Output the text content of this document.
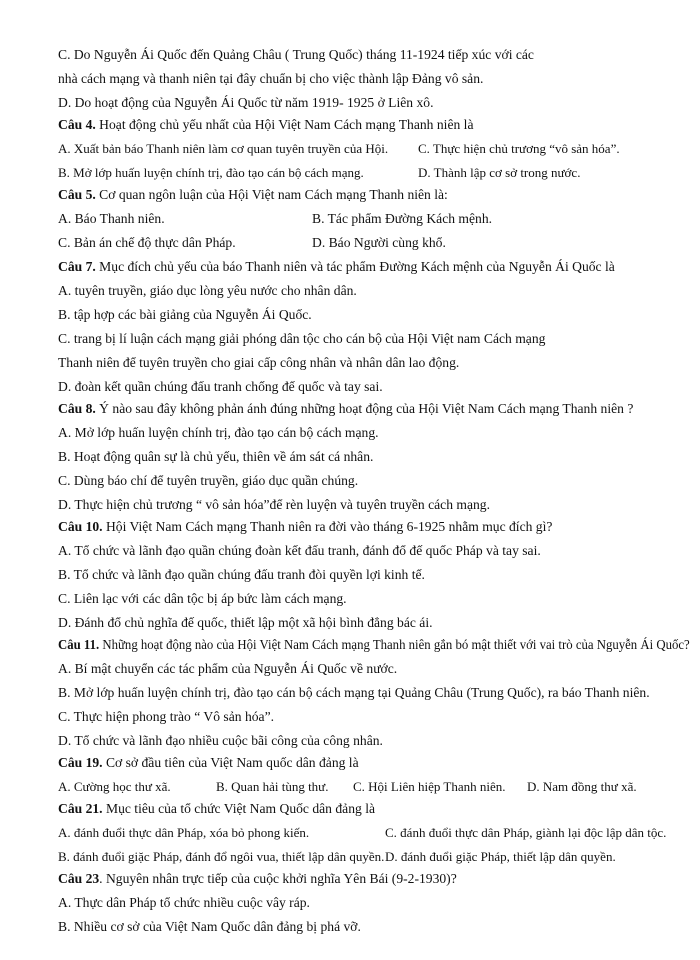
C. Do Nguyễn Ái Quốc đến Quảng Châu ( Trung Quốc) tháng 11-1924 tiếp xúc với các
nhà cách mạng và thanh niên tại đây chuẩn bị cho việc thành lập Đảng vô sản.
D. Do hoạt động của Nguyễn Ái Quốc từ năm 1919- 1925 ở Liên xô.
Câu 4. Hoạt động chủ yếu nhất của Hội Việt Nam Cách mạng Thanh niên là
A. Xuất bản báo Thanh niên làm cơ quan tuyên truyền của Hội. C. Thực hiện chủ trương “vô sản hóa”.
B. Mở lớp huấn luyện chính trị, đào tạo cán bộ cách mạng.	D. Thành lập cơ sở trong nước.
Câu 5. Cơ quan ngôn luận của Hội Việt nam Cách mạng Thanh niên là:
A. Báo Thanh niên.	B. Tác phẩm Đường Kách mệnh.
C. Bản án chế độ thực dân Pháp.	D. Báo Người cùng khổ.
Câu 7. Mục đích chủ yếu của báo Thanh niên và tác phẩm Đường Kách mệnh của Nguyễn Ái Quốc là
A. tuyên truyền, giáo dục lòng yêu nước cho nhân dân.
B. tập hợp các bài giảng của Nguyễn Ái Quốc.
C. trang bị lí luận cách mạng giải phóng dân tộc cho cán bộ của Hội Việt nam Cách mạng
Thanh niên để tuyên truyền cho giai cấp công nhân và nhân dân lao động.
D. đoàn kết quần chúng đấu tranh chống đế quốc và tay sai.
Câu 8. Ý nào sau đây không phản ánh đúng những hoạt động của Hội Việt Nam Cách mạng Thanh niên ?
A. Mở lớp huấn luyện chính trị, đào tạo cán bộ cách mạng.
B. Hoạt động quân sự là chủ yếu, thiên về ám sát cá nhân.
C. Dùng báo chí để tuyên truyền, giáo dục quần chúng.
D. Thực hiện chủ trương “ vô sản hóa”để rèn luyện và tuyên truyền cách mạng.
Câu 10. Hội Việt Nam Cách mạng Thanh niên ra đời vào tháng 6-1925 nhằm mục đích gì?
A. Tổ chức và lãnh đạo quần chúng đoàn kết đấu tranh, đánh đổ đế quốc Pháp và tay sai.
B. Tổ chức và lãnh đạo quần chúng đấu tranh đòi quyền lợi kinh tế.
C. Liên lạc với các dân tộc bị áp bức làm cách mạng.
D. Đánh đổ chủ nghĩa đế quốc, thiết lập một xã hội bình đẳng bác ái.
Câu 11. Những hoạt động nào của Hội Việt Nam Cách mạng Thanh niên gắn bó mật thiết với vai trò của Nguyễn Ái Quốc?
A. Bí mật chuyển các tác phẩm của Nguyễn Ái Quốc về nước.
B. Mở lớp huấn luyện chính trị, đào tạo cán bộ cách mạng tại Quảng Châu (Trung Quốc), ra báo Thanh niên.
C. Thực hiện phong trào “ Vô sản hóa”.
D. Tổ chức và lãnh đạo nhiều cuộc bãi công của công nhân.
Câu 19. Cơ sở đầu tiên của Việt Nam quốc dân đảng là
A. Cường học thư xã.	B. Quan hải tùng thư. C. Hội Liên hiệp Thanh niên. D. Nam đồng thư xã.
Câu 21. Mục tiêu của tổ chức Việt Nam Quốc dân đảng là
A. đánh đuổi thực dân Pháp, xóa bỏ phong kiến.	C. đánh đuổi thực dân Pháp, giành lại độc lập dân tộc.
B. đánh đuổi giặc Pháp, đánh đổ ngôi vua, thiết lập dân quyền. D. đánh đuổi giặc Pháp, thiết lập dân quyền.
Câu 23. Nguyên nhân trực tiếp của cuộc khởi nghĩa Yên Bái (9-2-1930)?
A. Thực dân Pháp tổ chức nhiều cuộc vây ráp.
B. Nhiều cơ sở của Việt Nam Quốc dân đảng bị phá vỡ.
